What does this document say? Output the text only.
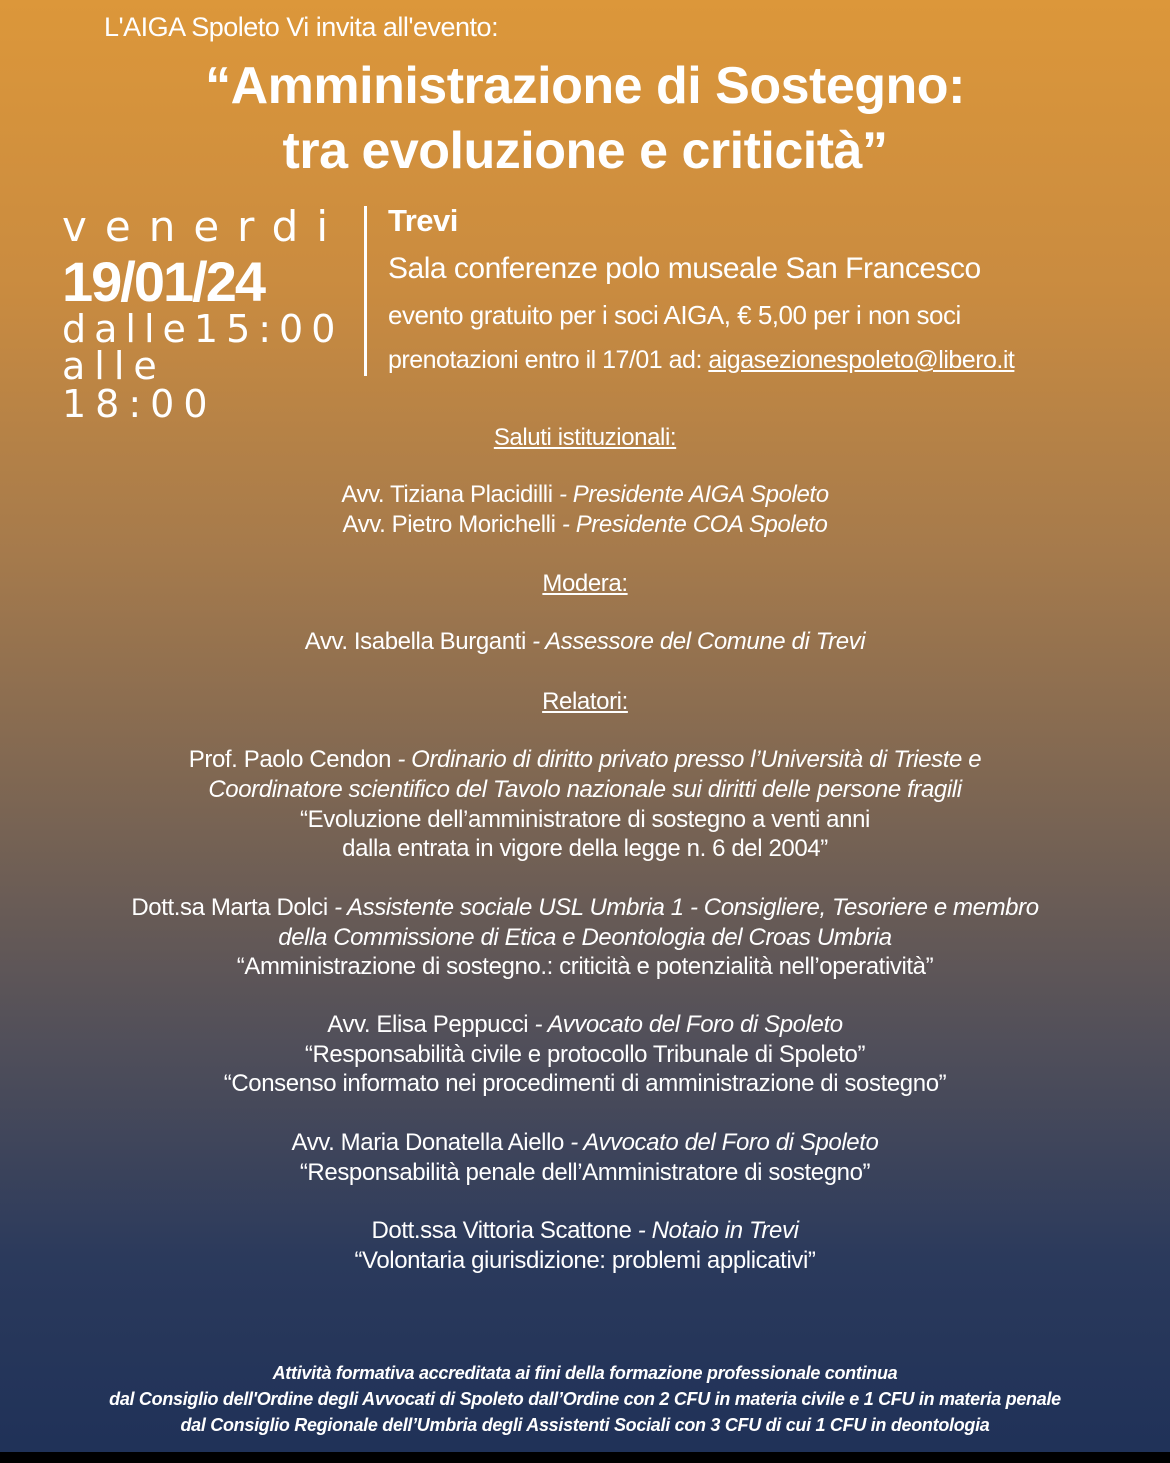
L'AIGA Spoleto Vi invita all'evento:
“Amministrazione di Sostegno:
tra evoluzione e criticità”
venerdi
19/01/24
dalle15:00
alle 18:00
Trevi
Sala conferenze polo museale San Francesco
evento gratuito per i soci AIGA, € 5,00 per i non soci
prenotazioni entro il 17/01 ad: aigasezionespoleto@libero.it
Saluti istituzionali:
Avv. Tiziana Placidilli - Presidente AIGA Spoleto
Avv. Pietro Morichelli - Presidente COA Spoleto
Modera:
Avv. Isabella Burganti - Assessore del Comune di Trevi
Relatori:
Prof. Paolo Cendon - Ordinario di diritto privato presso l’Università di Trieste e
Coordinatore scientifico del Tavolo nazionale sui diritti delle persone fragili
“Evoluzione dell’amministratore di sostegno a venti anni
dalla entrata in vigore della legge n. 6 del 2004”
Dott.sa Marta Dolci - Assistente sociale USL Umbria 1 - Consigliere, Tesoriere e membro
della Commissione di Etica e Deontologia del Croas Umbria
“Amministrazione di sostegno.: criticità e potenzialità nell’operatività”
Avv. Elisa Peppucci - Avvocato del Foro di Spoleto
“Responsabilità civile e protocollo Tribunale di Spoleto”
“Consenso informato nei procedimenti di amministrazione di sostegno”
Avv. Maria Donatella Aiello - Avvocato del Foro di Spoleto
“Responsabilità penale dell’Amministratore di sostegno”
Dott.ssa Vittoria Scattone - Notaio in Trevi
“Volontaria giurisdizione: problemi applicativi”
Attività formativa accreditata ai fini della formazione professionale continua
dal Consiglio dell'Ordine degli Avvocati di Spoleto dall’Ordine con 2 CFU in materia civile e 1 CFU in materia penale
dal Consiglio Regionale dell’Umbria degli Assistenti Sociali con 3 CFU di cui 1 CFU in deontologia
